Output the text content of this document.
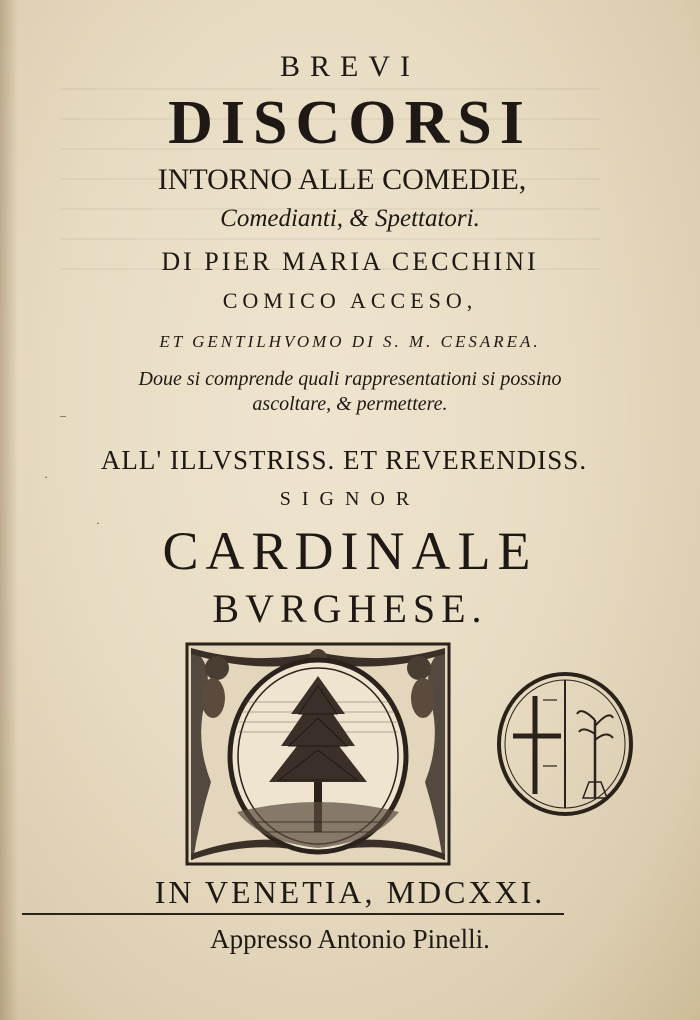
BREVI
DISCORSI
INTORNO ALLE COMEDIE,
Comedianti, & Spettatori.
DI PIER MARIA CECCHINI
COMICO ACCESO,
ET GENTILHVOMO DI S. M. CESAREA.
Doue si comprende quali rappresentationi si possino
ascoltare, & permettere.
ALL' ILLVSTRISS. ET REVERENDISS.
SIGNOR
CARDINALE
BVRGHESE.
IN VENETIA, MDCXXI.
Appresso Antonio Pinelli.
–
·
·
